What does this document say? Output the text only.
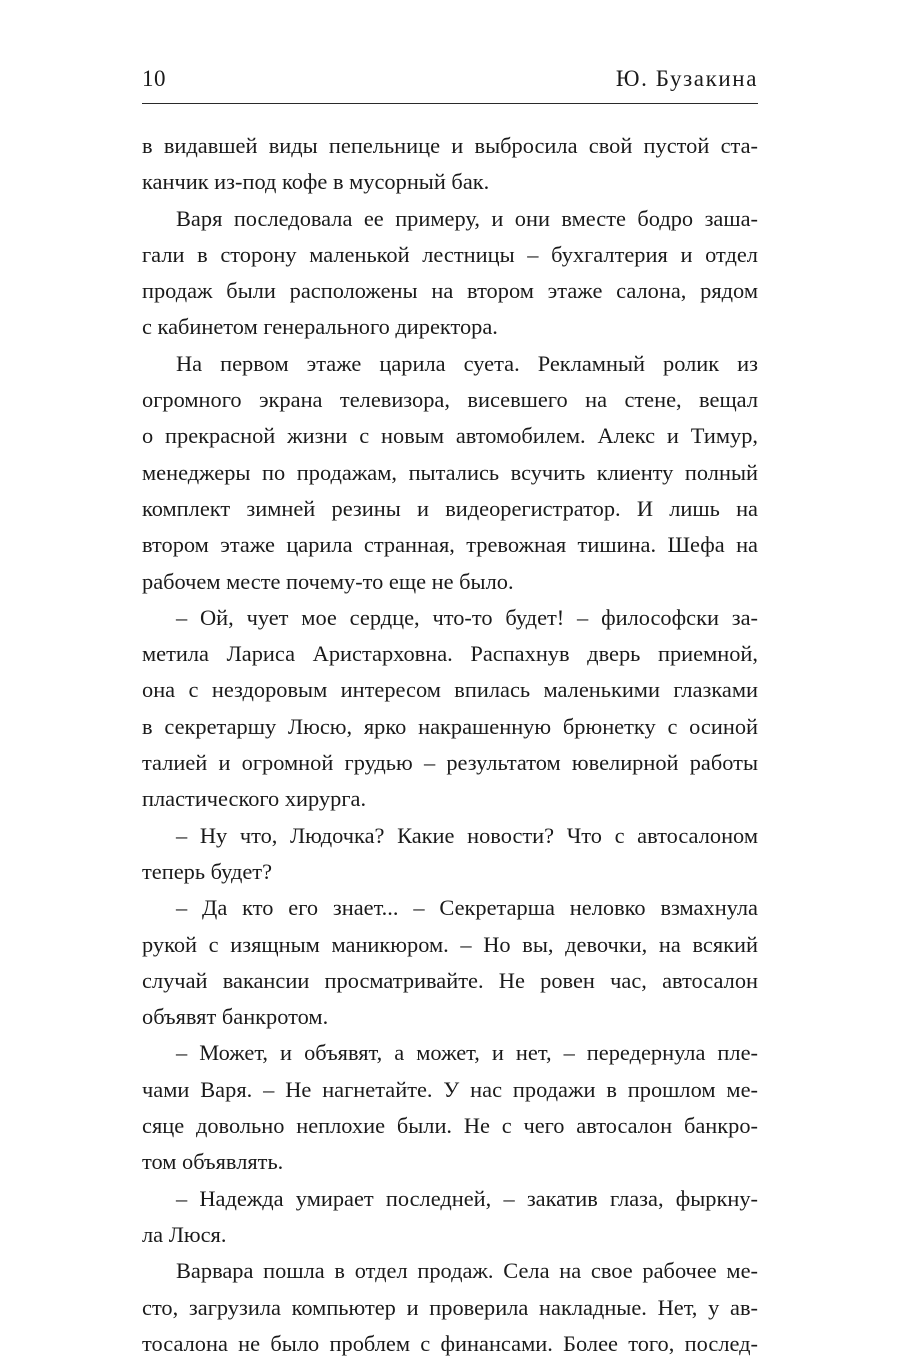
10	Ю. Бузакина
в видавшей виды пепельнице и выбросила свой пустой ста-
канчик из-под кофе в мусорный бак.
Варя последовала ее примеру, и они вместе бодро заша-
гали в сторону маленькой лестницы – бухгалтерия и отдел
продаж были расположены на втором этаже салона, рядом
с кабинетом генерального директора.
На первом этаже царила суета. Рекламный ролик из
огромного экрана телевизора, висевшего на стене, вещал
о прекрасной жизни с новым автомобилем. Алекс и Тимур,
менеджеры по продажам, пытались всучить клиенту полный
комплект зимней резины и видеорегистратор. И лишь на
втором этаже царила странная, тревожная тишина. Шефа на
рабочем месте почему-то еще не было.
– Ой, чует мое сердце, что-то будет! – философски за-
метила Лариса Аристарховна. Распахнув дверь приемной,
она с нездоровым интересом впилась маленькими глазками
в секретаршу Люсю, ярко накрашенную брюнетку с осиной
талией и огромной грудью – результатом ювелирной работы
пластического хирурга.
– Ну что, Людочка? Какие новости? Что с автосалоном
теперь будет?
– Да кто его знает... – Секретарша неловко взмахнула
рукой с изящным маникюром. – Но вы, девочки, на всякий
случай вакансии просматривайте. Не ровен час, автосалон
объявят банкротом.
– Может, и объявят, а может, и нет, – передернула пле-
чами Варя. – Не нагнетайте. У нас продажи в прошлом ме-
сяце довольно неплохие были. Не с чего автосалон банкро-
том объявлять.
– Надежда умирает последней, – закатив глаза, фыркну-
ла Люся.
Варвара пошла в отдел продаж. Села на свое рабочее ме-
сто, загрузила компьютер и проверила накладные. Нет, у ав-
тосалона не было проблем с финансами. Более того, послед-
